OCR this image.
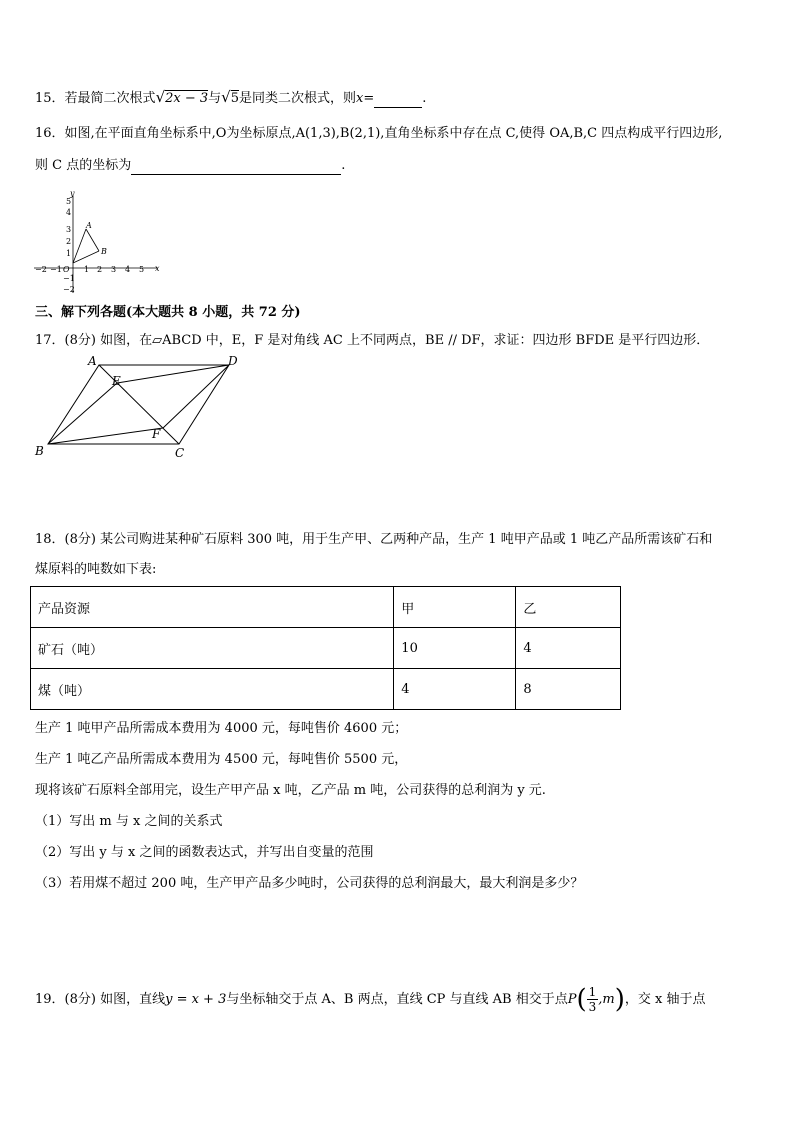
15．若最简二次根式√2x − 3与√5是同类二次根式，则x=	.
16．如图,在平面直角坐标系中,O为坐标原点,A(1,3),B(2,1),直角坐标系中存在点 C,使得 OA,B,C 四点构成平行四边形,
则 C 点的坐标为	.
y
x
O
A
B
−2 −1	1 2 3 4 5
5
4
3
2
1
−1
−2
三、解下列各题(本大题共 8 小题，共 72 分)
17．(8分) 如图，在▱ABCD 中，E，F 是对角线 AC 上不同两点，BE // DF，求证：四边形 BFDE 是平行四边形．
A	D
E
F
B	C
18．(8分) 某公司购进某种矿石原料 300 吨，用于生产甲、乙两种产品，生产 1 吨甲产品或 1 吨乙产品所需该矿石和
煤原料的吨数如下表:
产品资源	甲	乙
矿石（吨）	10	4
煤（吨）	4	8
生产 1 吨甲产品所需成本费用为 4000 元，每吨售价 4600 元；
生产 1 吨乙产品所需成本费用为 4500 元，每吨售价 5500 元，
现将该矿石原料全部用完，设生产甲产品 x 吨，乙产品 m 吨，公司获得的总利润为 y 元.
（1）写出 m 与 x 之间的关系式
（2）写出 y 与 x 之间的函数表达式，并写出自变量的范围
（3）若用煤不超过 200 吨，生产甲产品多少吨时，公司获得的总利润最大，最大利润是多少？
19．(8分) 如图，直线y = x + 3与坐标轴交于点 A、B 两点，直线 CP 与直线 AB 相交于点$P( \frac{1}{3} ,m)$，交 x 轴于点
